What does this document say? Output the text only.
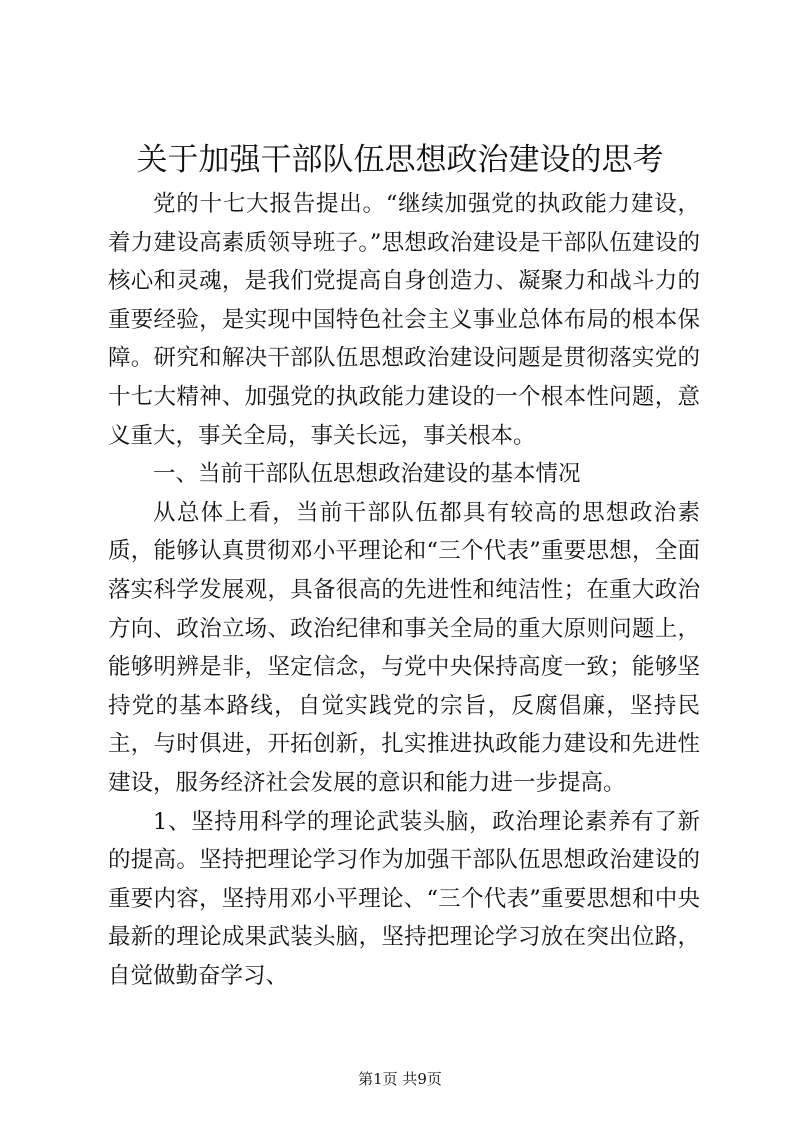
关于加强干部队伍思想政治建设的思考

党的十七大报告提出。“继续加强党的执政能力建设，着力建设高素质领导班子。”思想政治建设是干部队伍建设的核心和灵魂，是我们党提高自身创造力、凝聚力和战斗力的重要经验，是实现中国特色社会主义事业总体布局的根本保障。研究和解决干部队伍思想政治建设问题是贯彻落实党的十七大精神、加强党的执政能力建设的一个根本性问题，意义重大，事关全局，事关长远，事关根本。

一、当前干部队伍思想政治建设的基本情况

从总体上看，当前干部队伍都具有较高的思想政治素质，能够认真贯彻邓小平理论和“三个代表”重要思想，全面落实科学发展观，具备很高的先进性和纯洁性；在重大政治方向、政治立场、政治纪律和事关全局的重大原则问题上，能够明辨是非，坚定信念，与党中央保持高度一致；能够坚持党的基本路线，自觉实践党的宗旨，反腐倡廉，坚持民主，与时俱进，开拓创新，扎实推进执政能力建设和先进性建设，服务经济社会发展的意识和能力进一步提高。

1、坚持用科学的理论武装头脑，政治理论素养有了新的提高。坚持把理论学习作为加强干部队伍思想政治建设的重要内容，坚持用邓小平理论、“三个代表”重要思想和中央最新的理论成果武装头脑，坚持把理论学习放在突出位路，自觉做勤奋学习、

第1页 共9页
